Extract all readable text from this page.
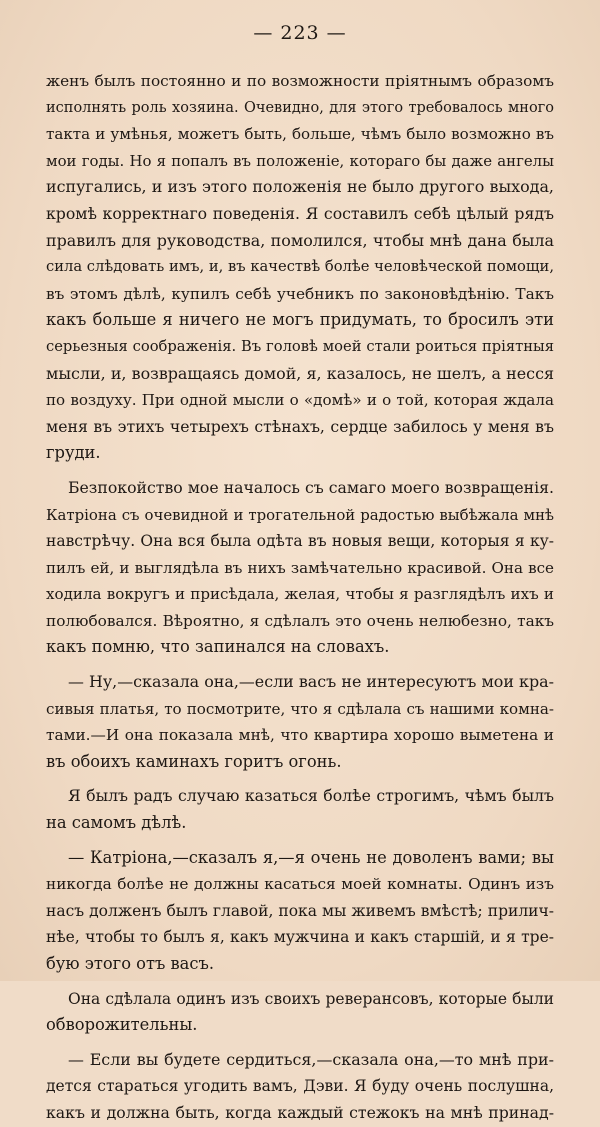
— 223 —
женъ былъ постоянно и по возможности пріятнымъ образомъ
исполнять роль хозяина. Очевидно, для этого требовалось много
такта и умѣнья, можетъ быть, больше, чѣмъ было возможно въ
мои годы. Но я попалъ въ положеніе, котораго бы даже ангелы
испугались, и изъ этого положенія не было другого выхода,
кромѣ корректнаго поведенія. Я составилъ себѣ цѣлый рядъ
правилъ для руководства, помолился, чтобы мнѣ дана была
сила слѣдовать имъ, и, въ качествѣ болѣе человѣческой помощи,
въ этомъ дѣлѣ, купилъ себѣ учебникъ по законовѣдѣнію. Такъ
какъ больше я ничего не могъ придумать, то бросилъ эти
серьезныя соображенія. Въ головѣ моей стали роиться пріятныя
мысли, и, возвращаясь домой, я, казалось, не шелъ, а несся
по воздуху. При одной мысли о «домѣ» и о той, которая ждала
меня въ этихъ четырехъ стѣнахъ, сердце забилось у меня въ
груди.
Безпокойство мое началось съ самаго моего возвращенія.
Катріона съ очевидной и трогательной радостью выбѣжала мнѣ
навстрѣчу. Она вся была одѣта въ новыя вещи, которыя я ку-
пилъ ей, и выглядѣла въ нихъ замѣчательно красивой. Она все
ходила вокругъ и присѣдала, желая, чтобы я разглядѣлъ ихъ и
полюбовался. Вѣроятно, я сдѣлалъ это очень нелюбезно, такъ
какъ помню, что запинался на словахъ.
— Ну,—сказала она,—если васъ не интересуютъ мои кра-
сивыя платья, то посмотрите, что я сдѣлала съ нашими комна-
тами.—И она показала мнѣ, что квартира хорошо выметена и
въ обоихъ каминахъ горитъ огонь.
Я былъ радъ случаю казаться болѣе строгимъ, чѣмъ былъ
на самомъ дѣлѣ.
— Катріона,—сказалъ я,—я очень не доволенъ вами; вы
никогда болѣе не должны касаться моей комнаты. Одинъ изъ
насъ долженъ былъ главой, пока мы живемъ вмѣстѣ; прилич-
нѣе, чтобы то былъ я, какъ мужчина и какъ старшій, и я тре-
бую этого отъ васъ.
Она сдѣлала одинъ изъ своихъ реверансовъ, которые были
обворожительны.
— Если вы будете сердиться,—сказала она,—то мнѣ при-
дется стараться угодить вамъ, Дэви. Я буду очень послушна,
какъ и должна быть, когда каждый стежокъ на мнѣ принад-
